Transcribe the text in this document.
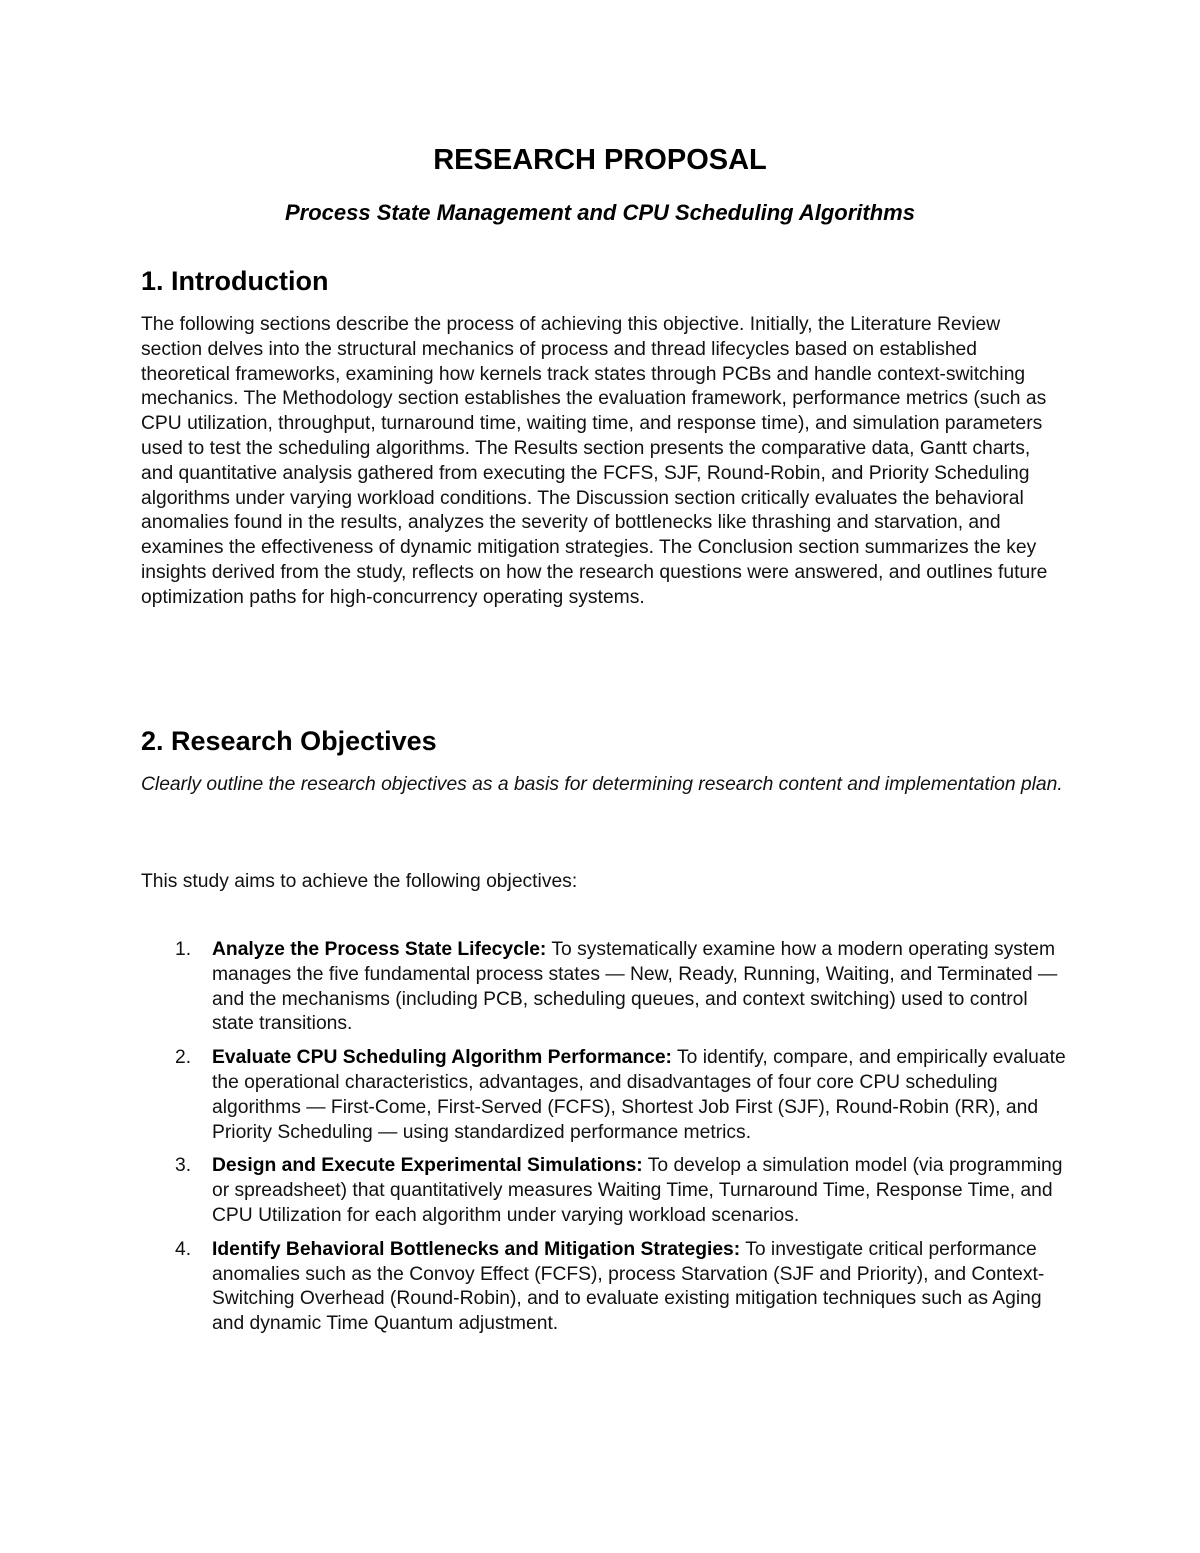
RESEARCH PROPOSAL
Process State Management and CPU Scheduling Algorithms
1. Introduction

The following sections describe the process of achieving this objective. Initially, the Literature Review section delves into the structural mechanics of process and thread lifecycles based on established theoretical frameworks, examining how kernels track states through PCBs and handle context-switching mechanics. The Methodology section establishes the evaluation framework, performance metrics (such as CPU utilization, throughput, turnaround time, waiting time, and response time), and simulation parameters used to test the scheduling algorithms. The Results section presents the comparative data, Gantt charts, and quantitative analysis gathered from executing the FCFS, SJF, Round-Robin, and Priority Scheduling algorithms under varying workload conditions. The Discussion section critically evaluates the behavioral anomalies found in the results, analyzes the severity of bottlenecks like thrashing and starvation, and examines the effectiveness of dynamic mitigation strategies. The Conclusion section summarizes the key insights derived from the study, reflects on how the research questions were answered, and outlines future optimization paths for high-concurrency operating systems.

2. Research Objectives

Clearly outline the research objectives as a basis for determining research content and implementation plan.

This study aims to achieve the following objectives:

1. Analyze the Process State Lifecycle: To systematically examine how a modern operating system manages the five fundamental process states — New, Ready, Running, Waiting, and Terminated — and the mechanisms (including PCB, scheduling queues, and context switching) used to control state transitions.
2. Evaluate CPU Scheduling Algorithm Performance: To identify, compare, and empirically evaluate the operational characteristics, advantages, and disadvantages of four core CPU scheduling algorithms — First-Come, First-Served (FCFS), Shortest Job First (SJF), Round-Robin (RR), and Priority Scheduling — using standardized performance metrics.
3. Design and Execute Experimental Simulations: To develop a simulation model (via programming or spreadsheet) that quantitatively measures Waiting Time, Turnaround Time, Response Time, and CPU Utilization for each algorithm under varying workload scenarios.
4. Identify Behavioral Bottlenecks and Mitigation Strategies: To investigate critical performance anomalies such as the Convoy Effect (FCFS), process Starvation (SJF and Priority), and Context-Switching Overhead (Round-Robin), and to evaluate existing mitigation techniques such as Aging and dynamic Time Quantum adjustment.
